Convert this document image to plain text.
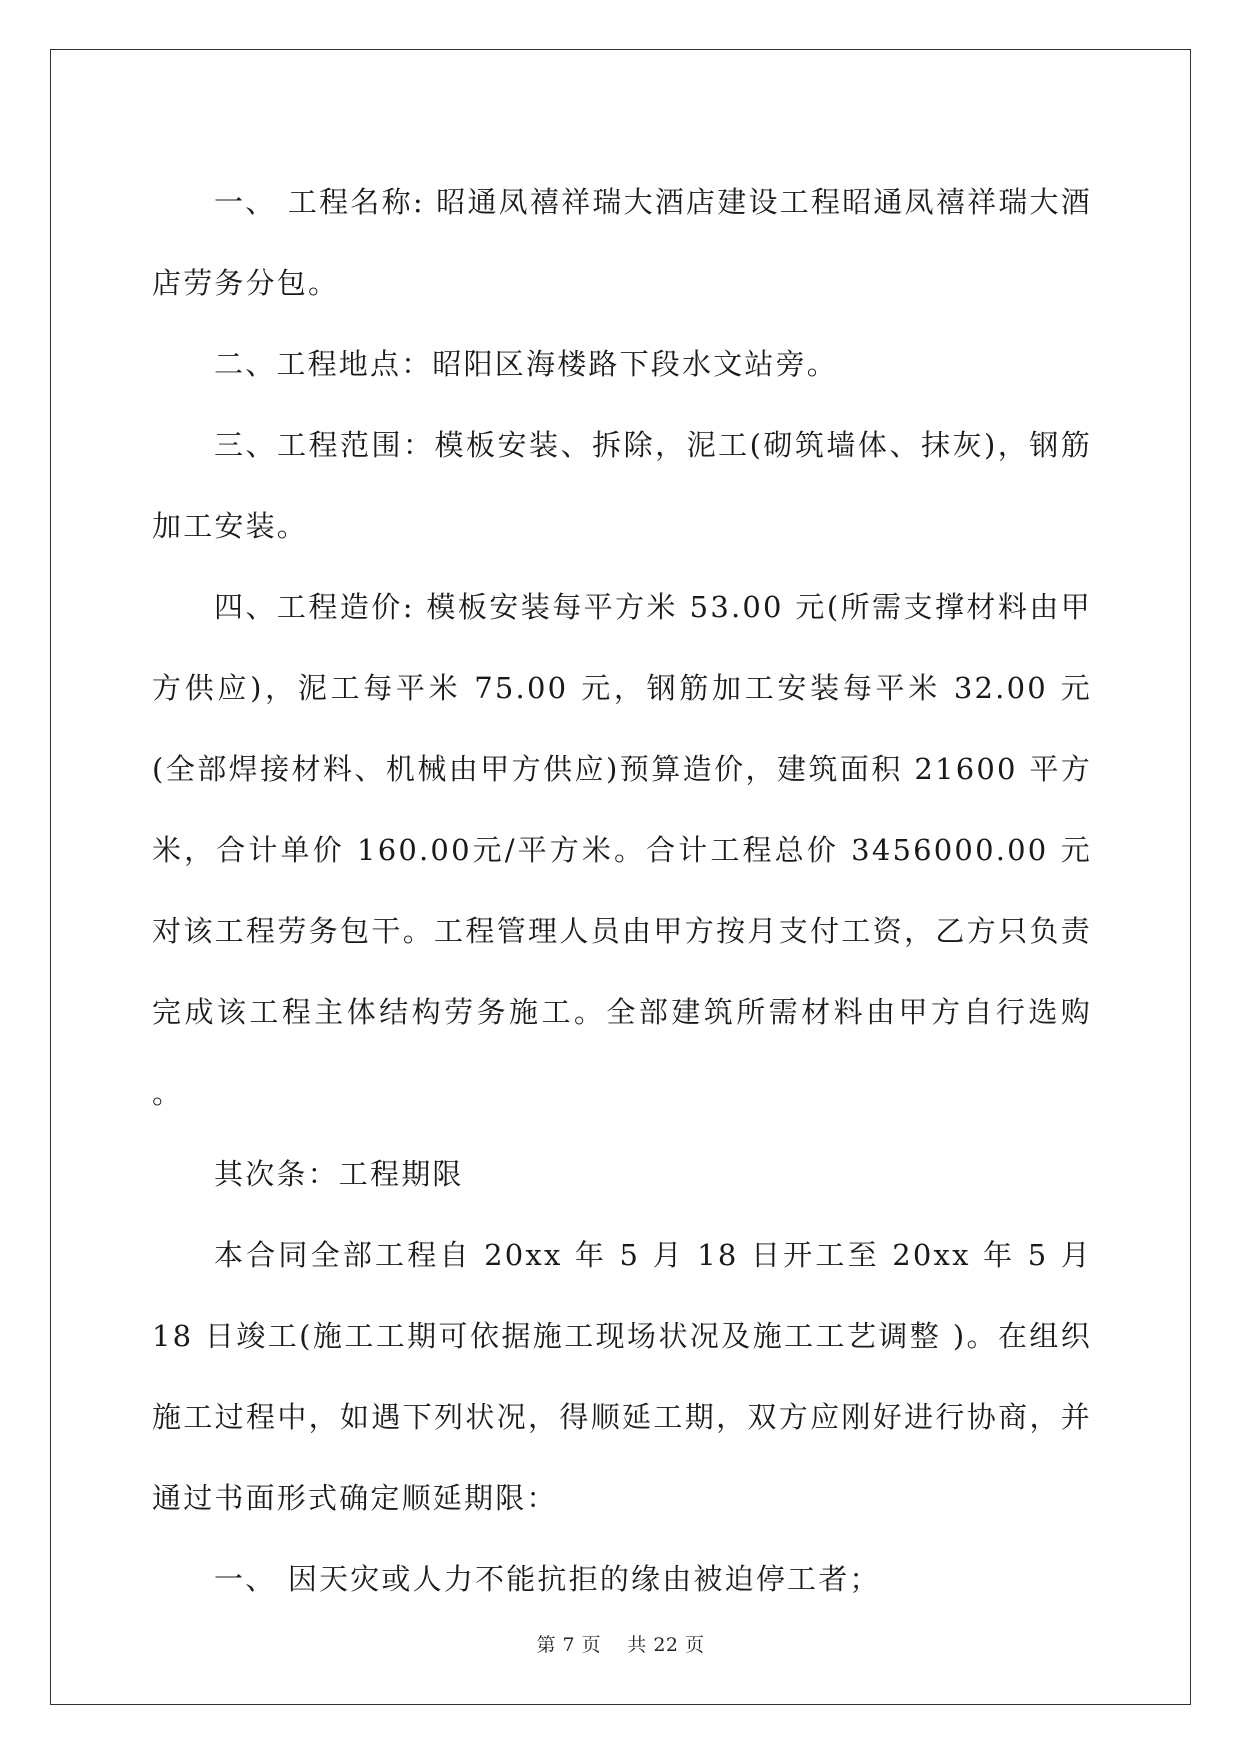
一、 工程名称: 昭通凤禧祥瑞大酒店建设工程昭通凤禧祥瑞大酒店劳务分包。

二、工程地点：昭阳区海楼路下段水文站旁。

三、工程范围：模板安装、拆除，泥工(砌筑墙体、抹灰)，钢筋加工安装。

四、工程造价: 模板安装每平方米 53.00 元(所需支撑材料由甲方供应)，泥工每平米 75.00 元，钢筋加工安装每平米 32.00 元(全部焊接材料、机械由甲方供应)预算造价，建筑面积 21600 平方米，合计单价 160.00元/平方米。合计工程总价 3456000.00 元对该工程劳务包干。工程管理人员由甲方按月支付工资，乙方只负责完成该工程主体结构劳务施工。全部建筑所需材料由甲方自行选购 。

其次条：工程期限

本合同全部工程自 20xx 年 5 月 18 日开工至 20xx 年 5 月 18 日竣工(施工工期可依据施工现场状况及施工工艺调整 )。在组织施工过程中，如遇下列状况，得顺延工期，双方应刚好进行协商，并通过书面形式确定顺延期限：

一、 因天灾或人力不能抗拒的缘由被迫停工者；

第 7 页    共 22 页
